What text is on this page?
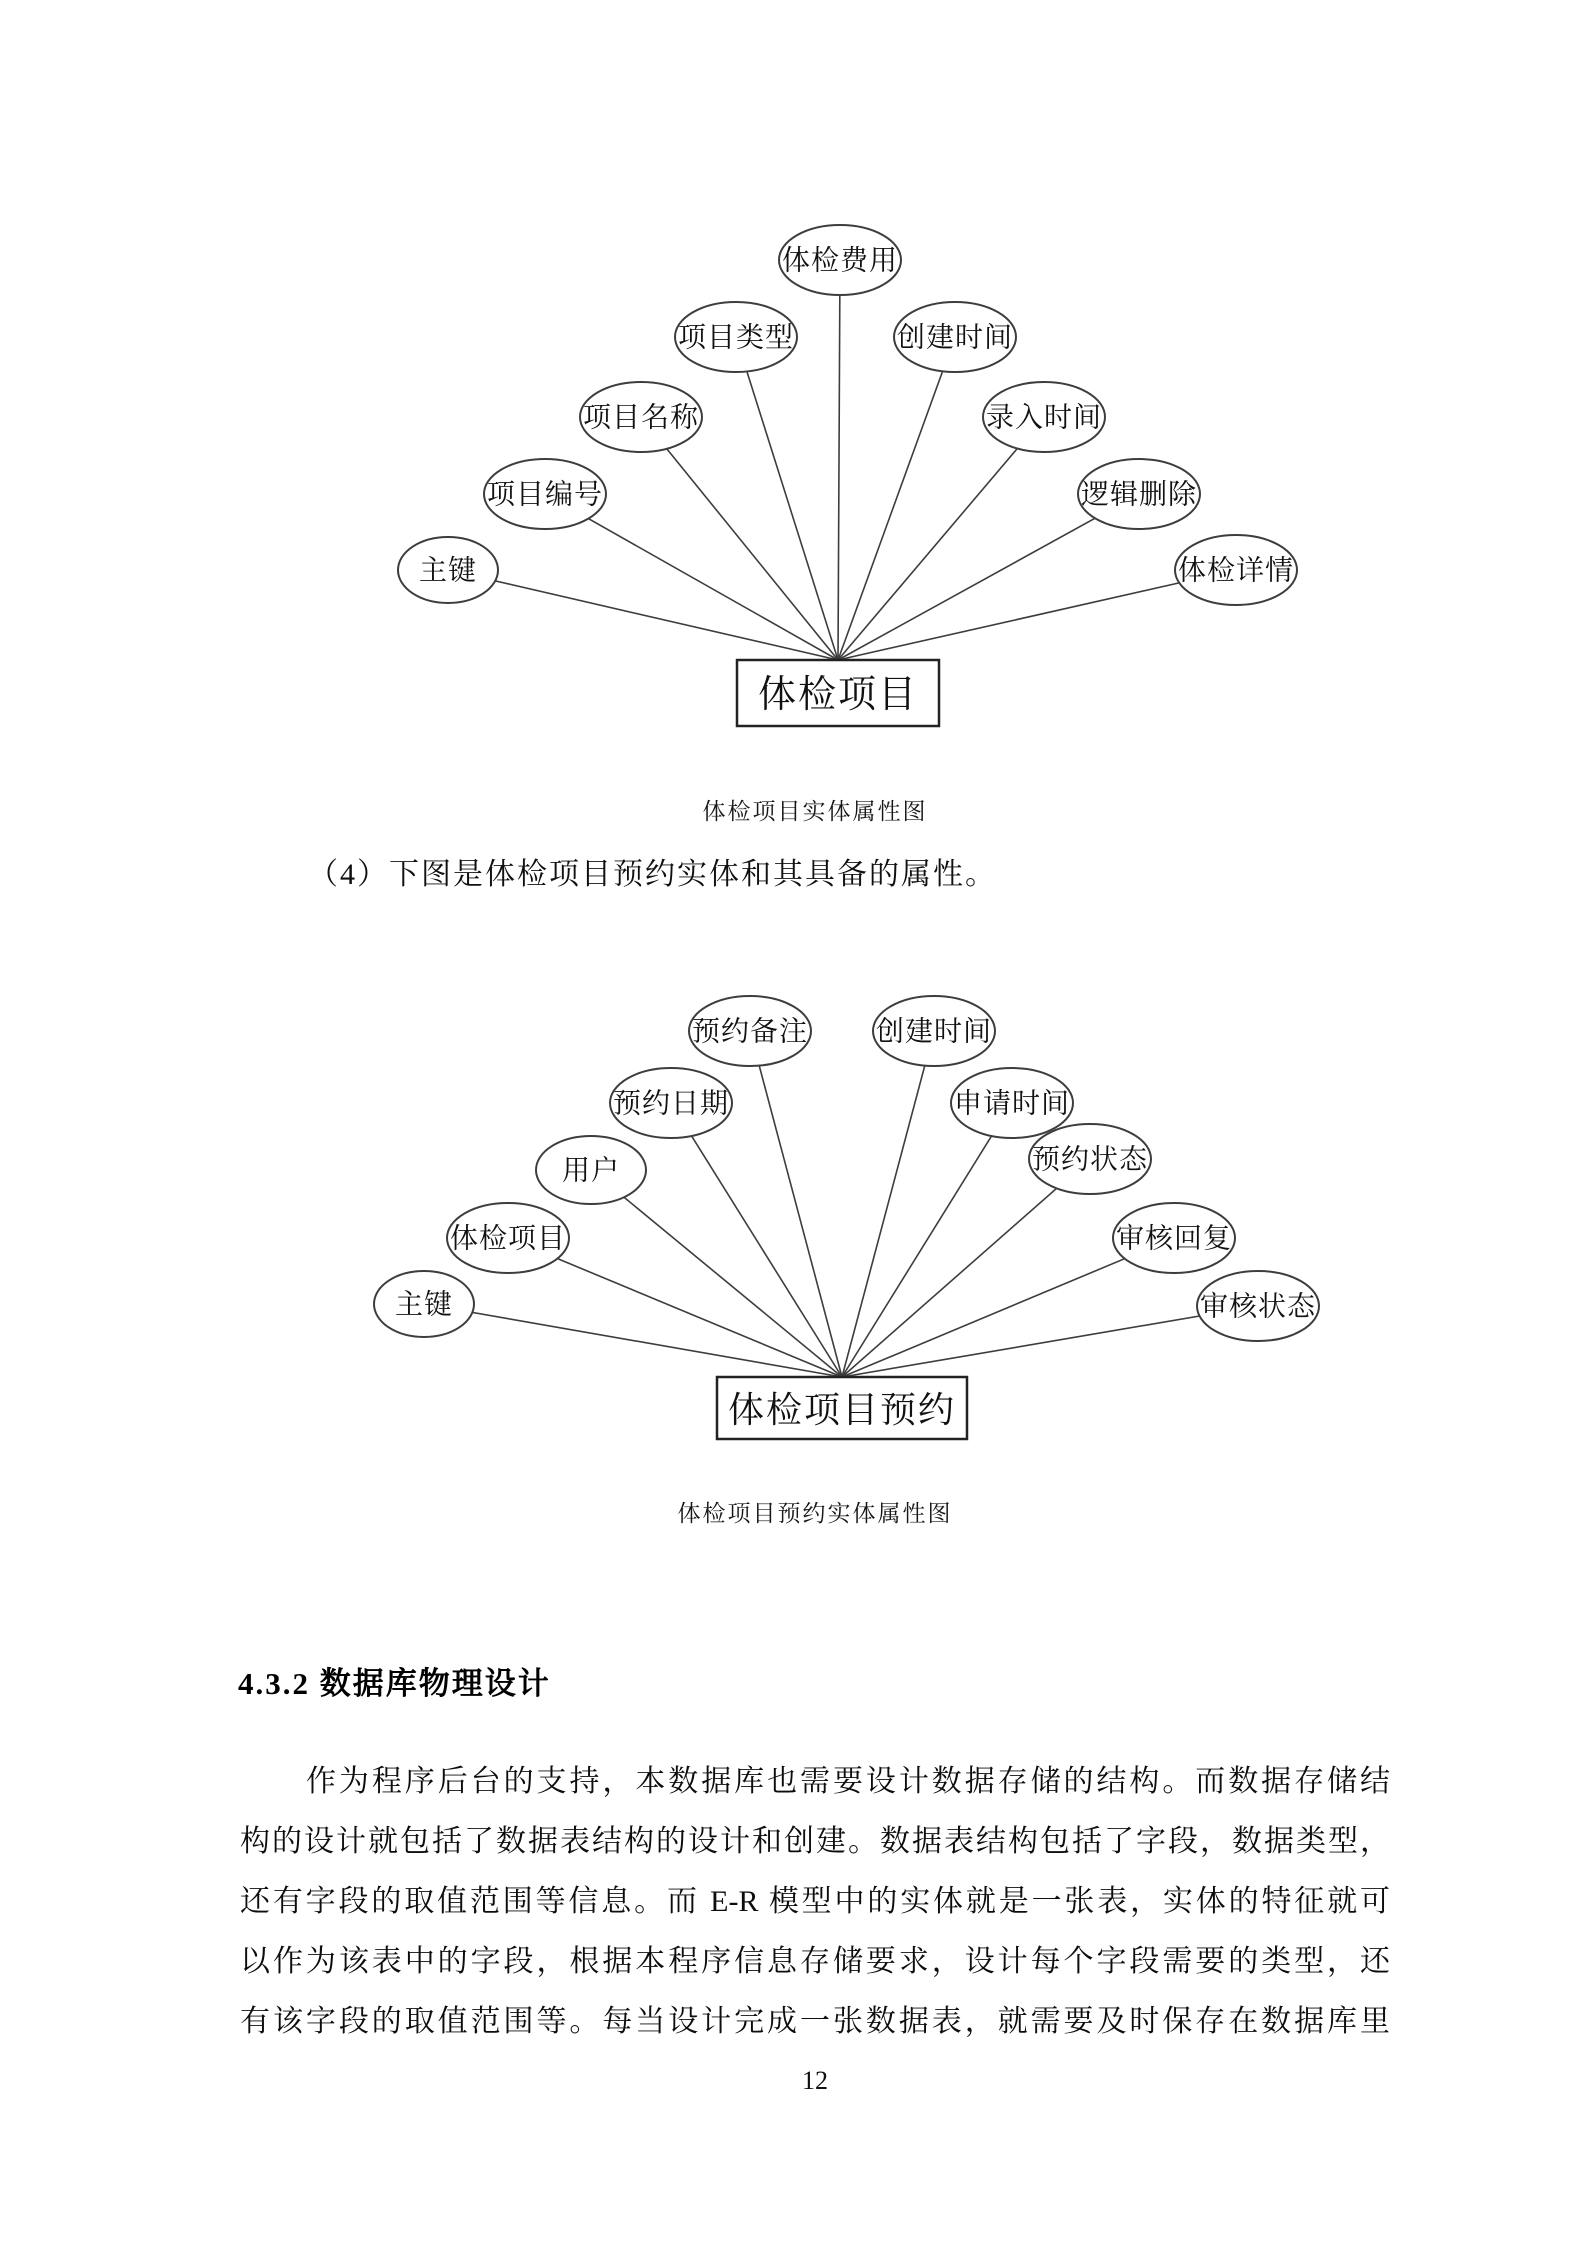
主键
项目编号
项目名称
项目类型
体检费用
创建时间
录入时间
逻辑删除
体检详情
体检项目
主键
体检项目
用户
预约日期
预约备注 创建时间
申请时间
预约状态
审核回复
审核状态
体检项目预约
体检项目实体属性图
（4）下图是体检项目预约实体和其具备的属性。
体检项目预约实体属性图
4.3.2 数据库物理设计
作为程序后台的支持，本数据库也需要设计数据存储的结构。而数据存储结
构的设计就包括了数据表结构的设计和创建。数据表结构包括了字段，数据类型，
还有字段的取值范围等信息。而 E-R 模型中的实体就是一张表，实体的特征就可
以作为该表中的字段，根据本程序信息存储要求，设计每个字段需要的类型，还
有该字段的取值范围等。每当设计完成一张数据表，就需要及时保存在数据库里
12
